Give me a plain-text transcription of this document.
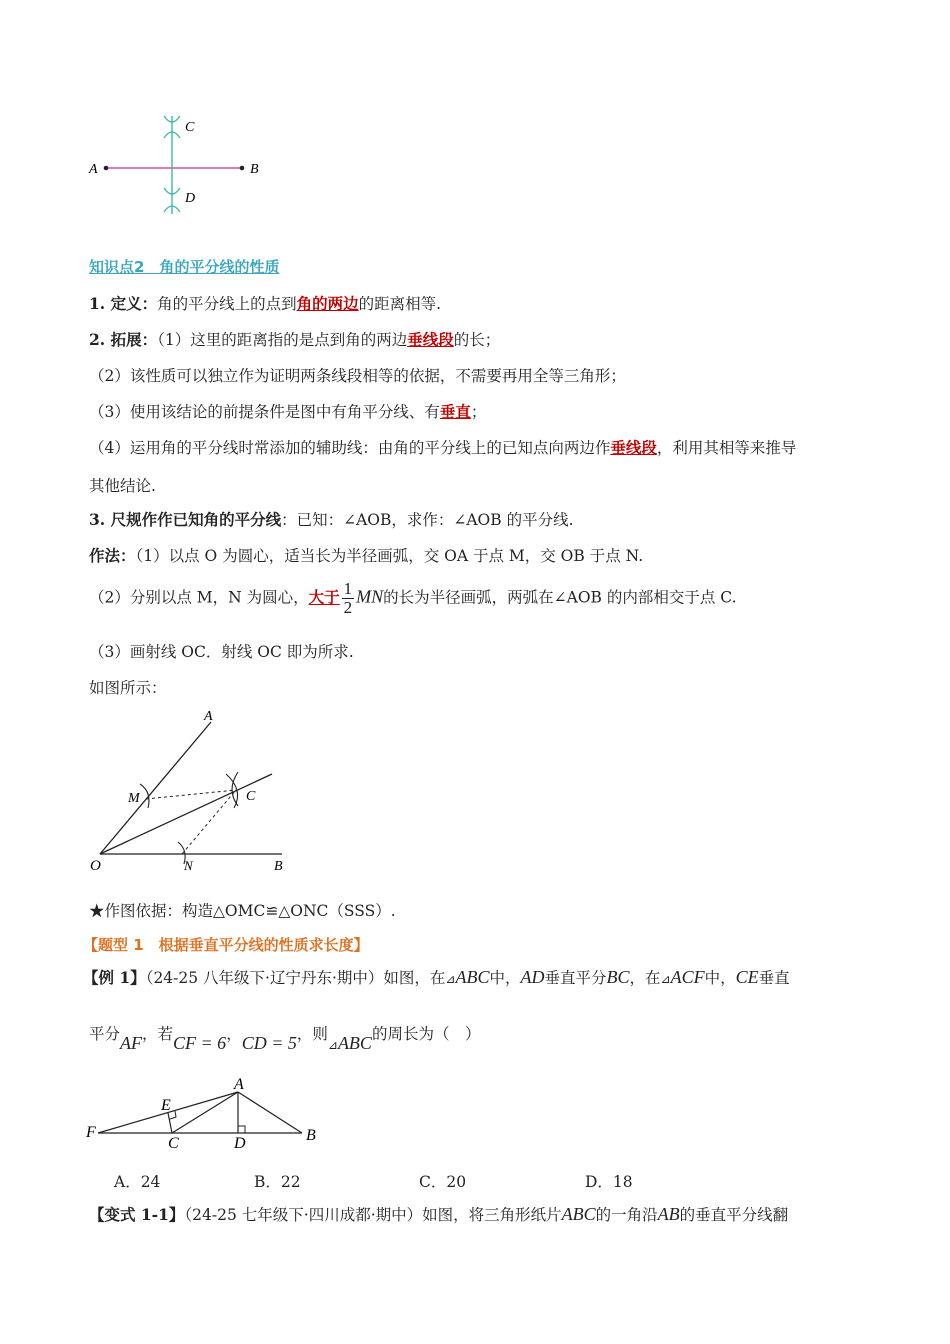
A	B
C
D
知识点2　角的平分线的性质
1. 定义：角的平分线上的点到角的两边的距离相等.
2. 拓展：（1）这里的距离指的是点到角的两边垂线段的长；
（2）该性质可以独立作为证明两条线段相等的依据，不需要再用全等三角形；
（3）使用该结论的前提条件是图中有角平分线、有垂直；
（4）运用角的平分线时常添加的辅助线：由角的平分线上的已知点向两边作垂线段，利用其相等来推导
其他结论.
3. 尺规作作已知角的平分线：已知：∠AOB，求作：∠AOB 的平分线.
作法：（1）以点 O 为圆心，适当长为半径画弧，交 OA 于点 M，交 OB 于点 N.
（2）分别以点 M，N 为圆心，大于 $\frac{1}{2}$ MN的长为半径画弧，两弧在∠AOB 的内部相交于点 C.
（3）画射线 OC．射线 OC 即为所求.
如图所示：
A
M	C
O	N	B
★作图依据：构造△OMC≌△ONC（SSS）.
【题型 1　根据垂直平分线的性质求长度】
【例 1】（24-25 八年级下·辽宁丹东·期中）如图，在⊿ABC中，AD垂直平分BC，在⊿ACF中，CE垂直
平分AF，若CF = 6，CD = 5，则$_⊿$ABC的周长为（　）
A
E
F
C	D	B
A．24	B．22	C．20	D．18
【变式 1-1】（24-25 七年级下·四川成都·期中）如图，将三角形纸片ABC的一角沿AB的垂直平分线翻
